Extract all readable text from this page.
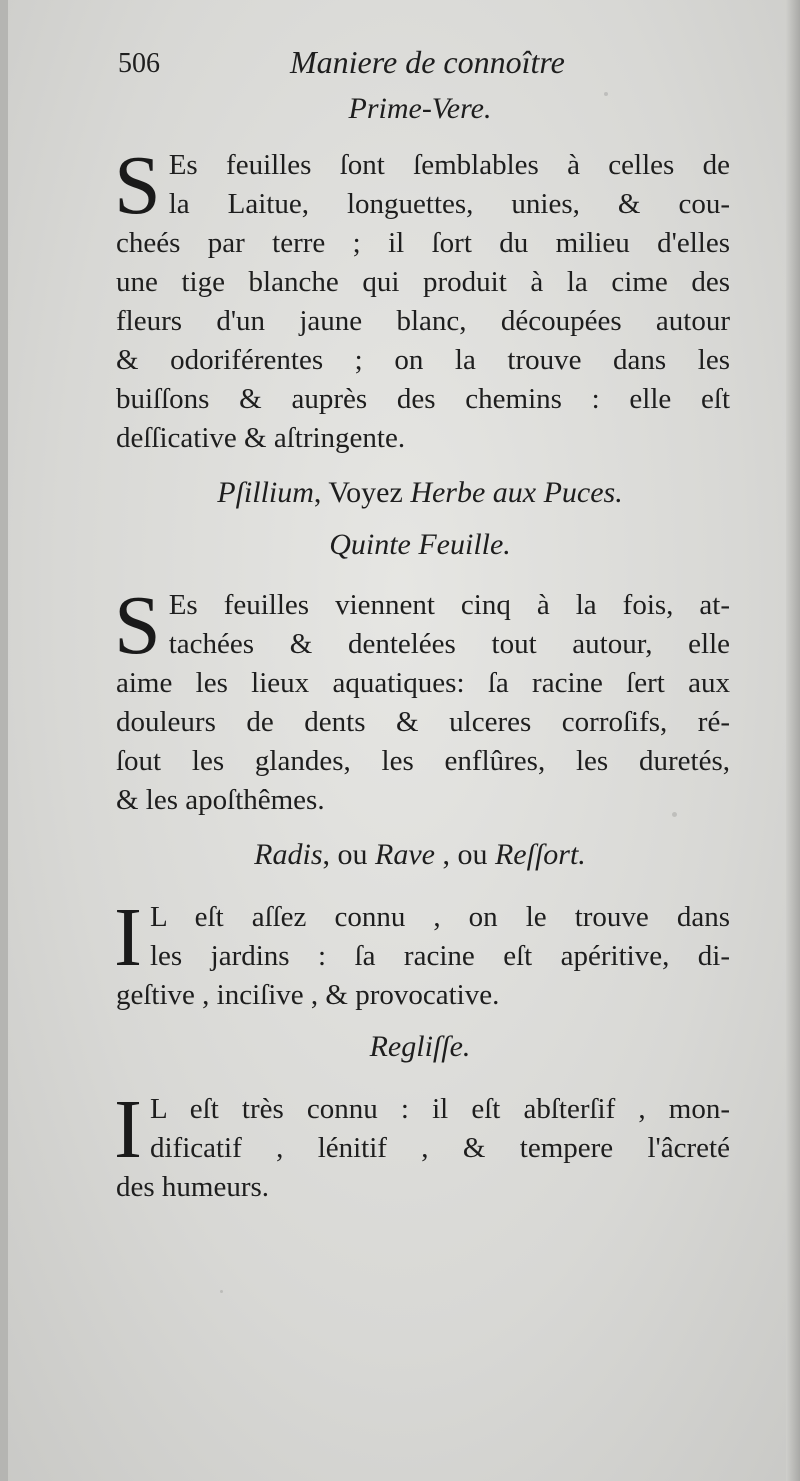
506	Maniere de connoître
Prime-Vere.

S Es feuilles ſont ſemblables à celles de
la Laitue, longuettes, unies, & cou-
cheés par terre ; il ſort du milieu d'elles
une tige blanche qui produit à la cime des
fleurs d'un jaune blanc, découpées autour
& odoriférentes ; on la trouve dans les
buiſſons & auprès des chemins : elle eſt
deſſicative & aſtringente.

Pſillium, Voyez Herbe aux Puces.
Quinte Feuille.

S Es feuilles viennent cinq à la fois, at-
tachées & dentelées tout autour, elle
aime les lieux aquatiques: ſa racine ſert aux
douleurs de dents & ulceres corroſifs, ré-
ſout les glandes, les enflûres, les duretés,
& les apoſthêmes.

Radis, ou Rave , ou Reſſort.

I L eſt aſſez connu , on le trouve dans
les jardins : ſa racine eſt apéritive, di-
geſtive , inciſive , & provocative.

Regliſſe.

I L eſt très connu : il eſt abſterſif , mon-
dificatif , lénitif , & tempere l'âcreté
des humeurs.
